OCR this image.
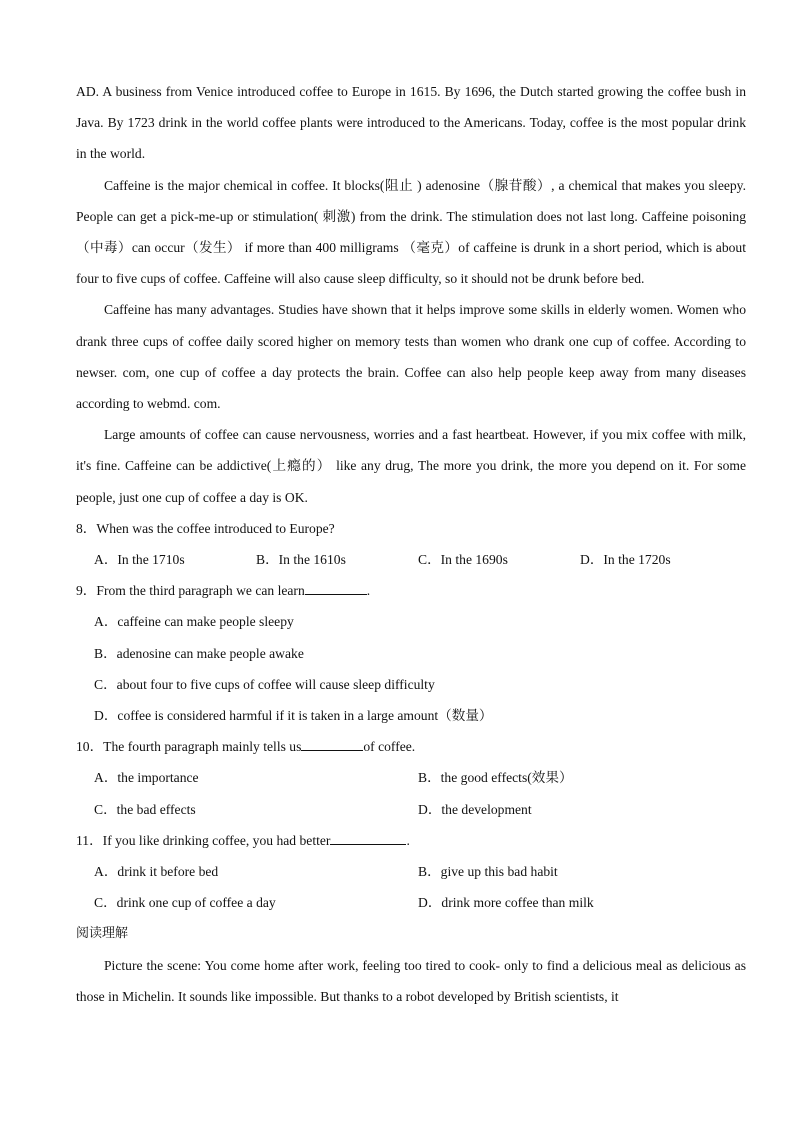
AD. A business from Venice introduced coffee to Europe in 1615. By 1696, the Dutch started growing the coffee bush in Java. By 1723 drink in the world coffee plants were introduced to the Americans. Today, coffee is the most popular drink in the world.

Caffeine is the major chemical in coffee. It blocks(阻止 ) adenosine（腺苷酸）, a chemical that makes you sleepy. People can get a pick-me-up or stimulation( 刺激) from the drink. The stimulation does not last long. Caffeine poisoning （中毒）can occur（发生） if more than 400 milligrams （毫克）of caffeine is drunk in a short period, which is about four to five cups of coffee. Caffeine will also cause sleep difficulty, so it should not be drunk before bed.

Caffeine has many advantages. Studies have shown that it helps improve some skills in elderly women. Women who drank three cups of coffee daily scored higher on memory tests than women who drank one cup of coffee. According to newser. com, one cup of coffee a day protects the brain. Coffee can also help people keep away from many diseases according to webmd. com.

Large amounts of coffee can cause nervousness, worries and a fast heartbeat. However, if you mix coffee with milk, it's fine. Caffeine can be addictive(上瘾的） like any drug, The more you drink, the more you depend on it. For some people, just one cup of coffee a day is OK.

8．When was the coffee introduced to Europe?
A．In the 1710s	B．In the 1610s	C．In the 1690s	D．In the 1720s
9．From the third paragraph we can learn	.
A．caffeine can make people sleepy
B．adenosine can make people awake
C．about four to five cups of coffee will cause sleep difficulty
D．coffee is considered harmful if it is taken in a large amount（数量）
10．The fourth paragraph mainly tells us	of coffee.
A．the importance	B．the good effects(效果）
C．the bad effects	D．the development
11．If you like drinking coffee, you had better	.
A．drink it before bed	B．give up this bad habit
C．drink one cup of coffee a day	D．drink more coffee than milk
阅读理解

Picture the scene: You come home after work, feeling too tired to cook- only to find a delicious meal as delicious as those in Michelin. It sounds like impossible. But thanks to a robot developed by British scientists, it
